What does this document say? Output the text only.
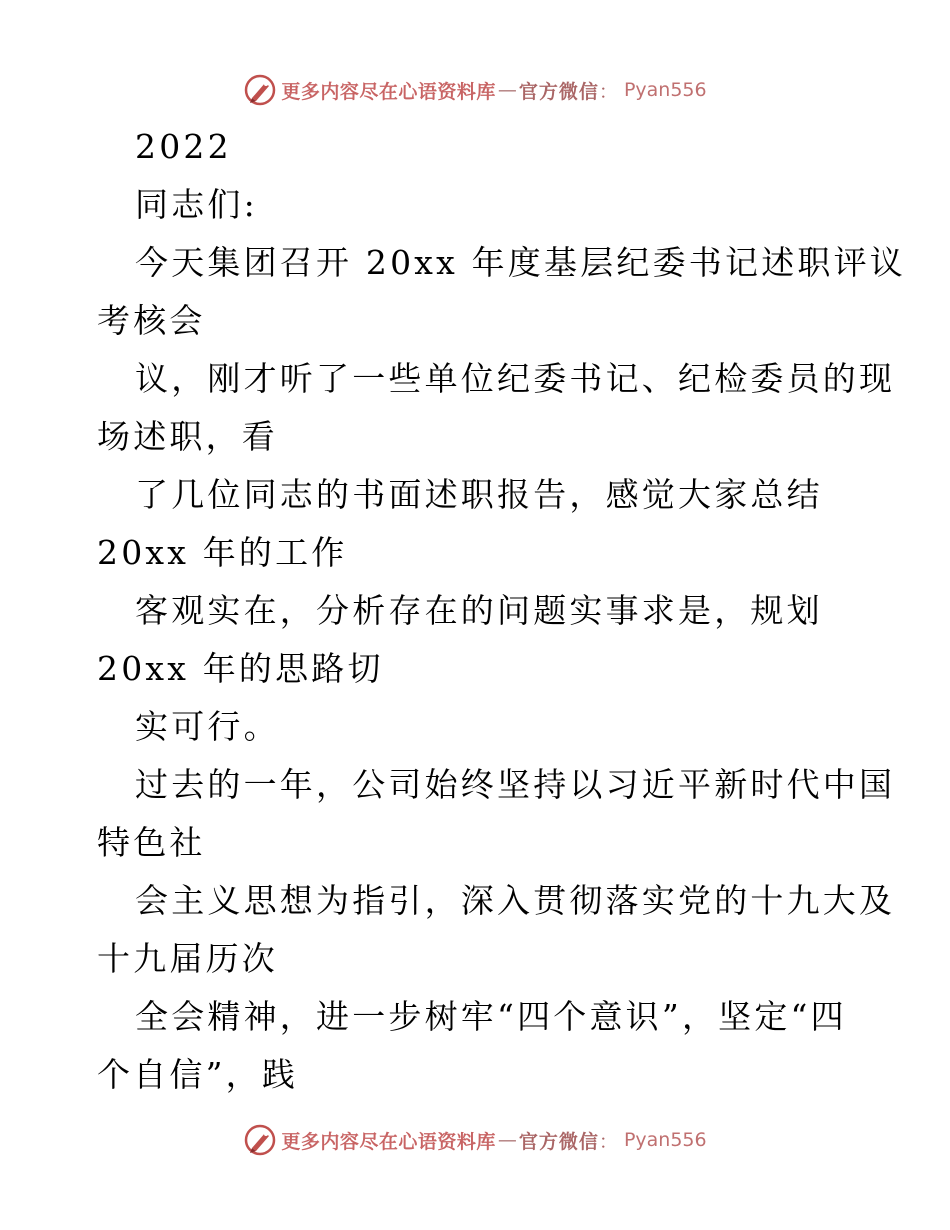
更多内容尽在心语资料库 — 官方微信 ： Pyan556
2022
同志们:
今天集团召开 20xx 年度基层纪委书记述职评议
考核会
议，刚才听了一些单位纪委书记、纪检委员的现
场述职，看
了几位同志的书面述职报告，感觉大家总结
20xx 年的工作
客观实在，分析存在的问题实事求是，规划
20xx 年的思路切
实可行。
过去的一年，公司始终坚持以习近平新时代中国
特色社
会主义思想为指引，深入贯彻落实党的十九大及
十九届历次
全会精神，进一步树牢“四个意识”，坚定“四
个自信”，践
更多内容尽在心语资料库 — 官方微信 ： Pyan556
